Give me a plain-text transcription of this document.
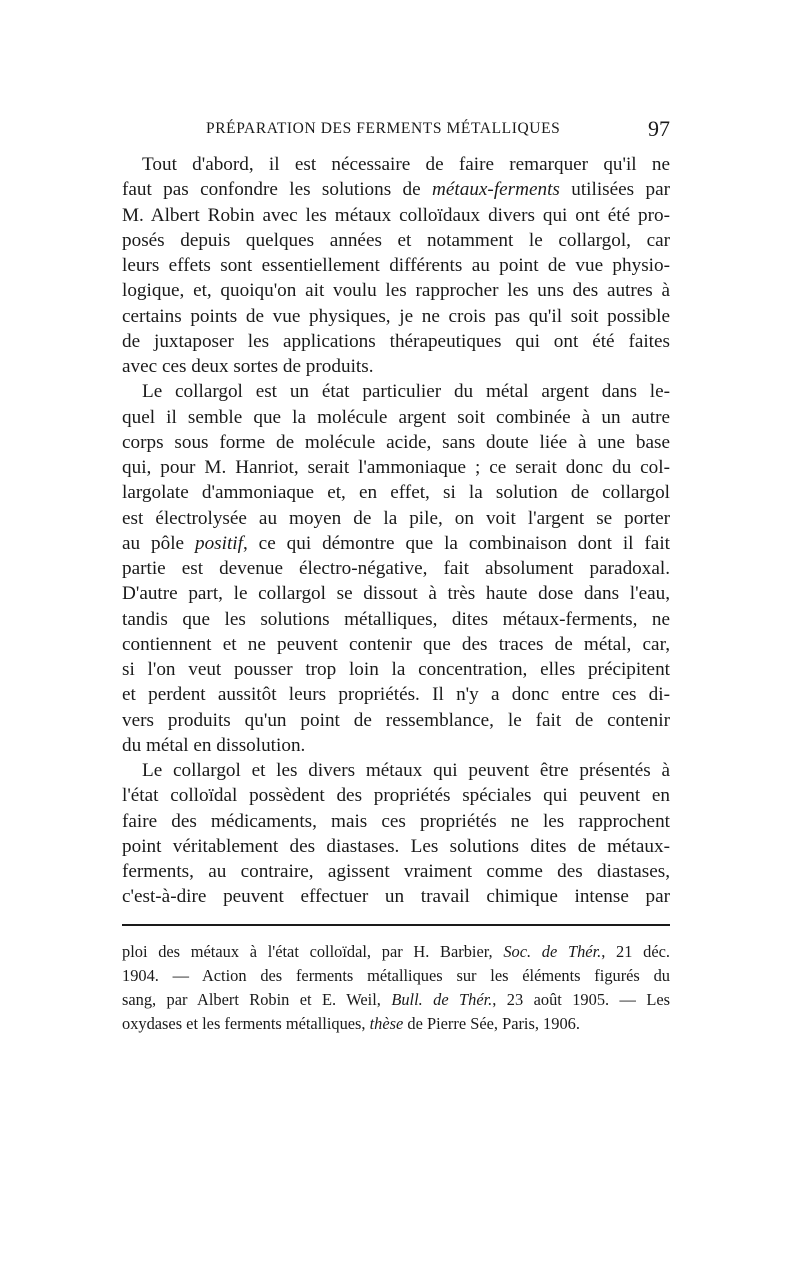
PRÉPARATION DES FERMENTS MÉTALLIQUES	97
Tout d'abord, il est nécessaire de faire remarquer qu'il ne
faut pas confondre les solutions de métaux-ferments utilisées par
M. Albert Robin avec les métaux colloïdaux divers qui ont été pro-
posés depuis quelques années et notamment le collargol, car
leurs effets sont essentiellement différents au point de vue physio-
logique, et, quoiqu'on ait voulu les rapprocher les uns des autres à
certains points de vue physiques, je ne crois pas qu'il soit possible
de juxtaposer les applications thérapeutiques qui ont été faites
avec ces deux sortes de produits.
Le collargol est un état particulier du métal argent dans le-
quel il semble que la molécule argent soit combinée à un autre
corps sous forme de molécule acide, sans doute liée à une base
qui, pour M. Hanriot, serait l'ammoniaque ; ce serait donc du col-
largolate d'ammoniaque et, en effet, si la solution de collargol
est électrolysée au moyen de la pile, on voit l'argent se porter
au pôle positif, ce qui démontre que la combinaison dont il fait
partie est devenue électro-négative, fait absolument paradoxal.
D'autre part, le collargol se dissout à très haute dose dans l'eau,
tandis que les solutions métalliques, dites métaux-ferments, ne
contiennent et ne peuvent contenir que des traces de métal, car,
si l'on veut pousser trop loin la concentration, elles précipitent
et perdent aussitôt leurs propriétés. Il n'y a donc entre ces di-
vers produits qu'un point de ressemblance, le fait de contenir
du métal en dissolution.
Le collargol et les divers métaux qui peuvent être présentés à
l'état colloïdal possèdent des propriétés spéciales qui peuvent en
faire des médicaments, mais ces propriétés ne les rapprochent
point véritablement des diastases. Les solutions dites de métaux-
ferments, au contraire, agissent vraiment comme des diastases,
c'est-à-dire peuvent effectuer un travail chimique intense par
ploi des métaux à l'état colloïdal, par H. Barbier, Soc. de Thér., 21 déc.
1904. — Action des ferments métalliques sur les éléments figurés du
sang, par Albert Robin et E. Weil, Bull. de Thér., 23 août 1905. — Les
oxydases et les ferments métalliques, thèse de Pierre Sée, Paris, 1906.
